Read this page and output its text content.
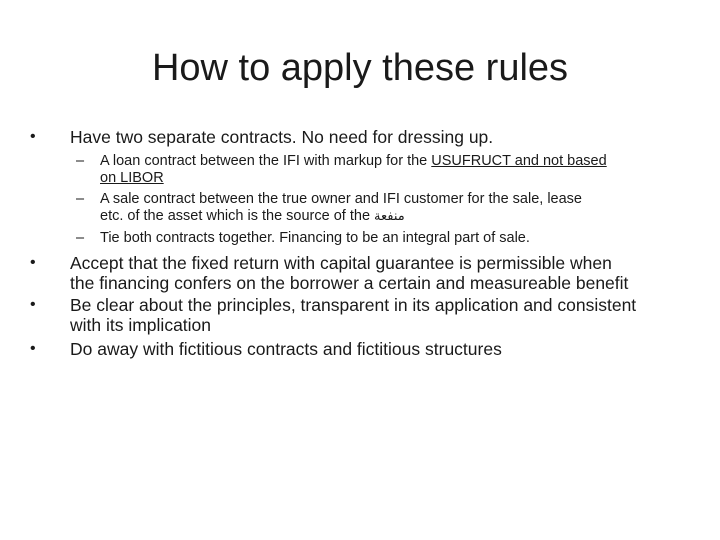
How to apply these rules
• Have two separate contracts. No need for dressing up.
– A loan contract between the IFI with markup for the USUFRUCT and not based
on LIBOR
– A sale contract between the true owner and IFI customer for the sale, lease
etc. of the asset which is the source of the منفعة
– Tie both contracts together. Financing to be an integral part of sale.
• Accept that the fixed return with capital guarantee is permissible when
the financing confers on the borrower a certain and measureable benefit
• Be clear about the principles, transparent in its application and consistent
with its implication
• Do away with fictitious contracts and fictitious structures
